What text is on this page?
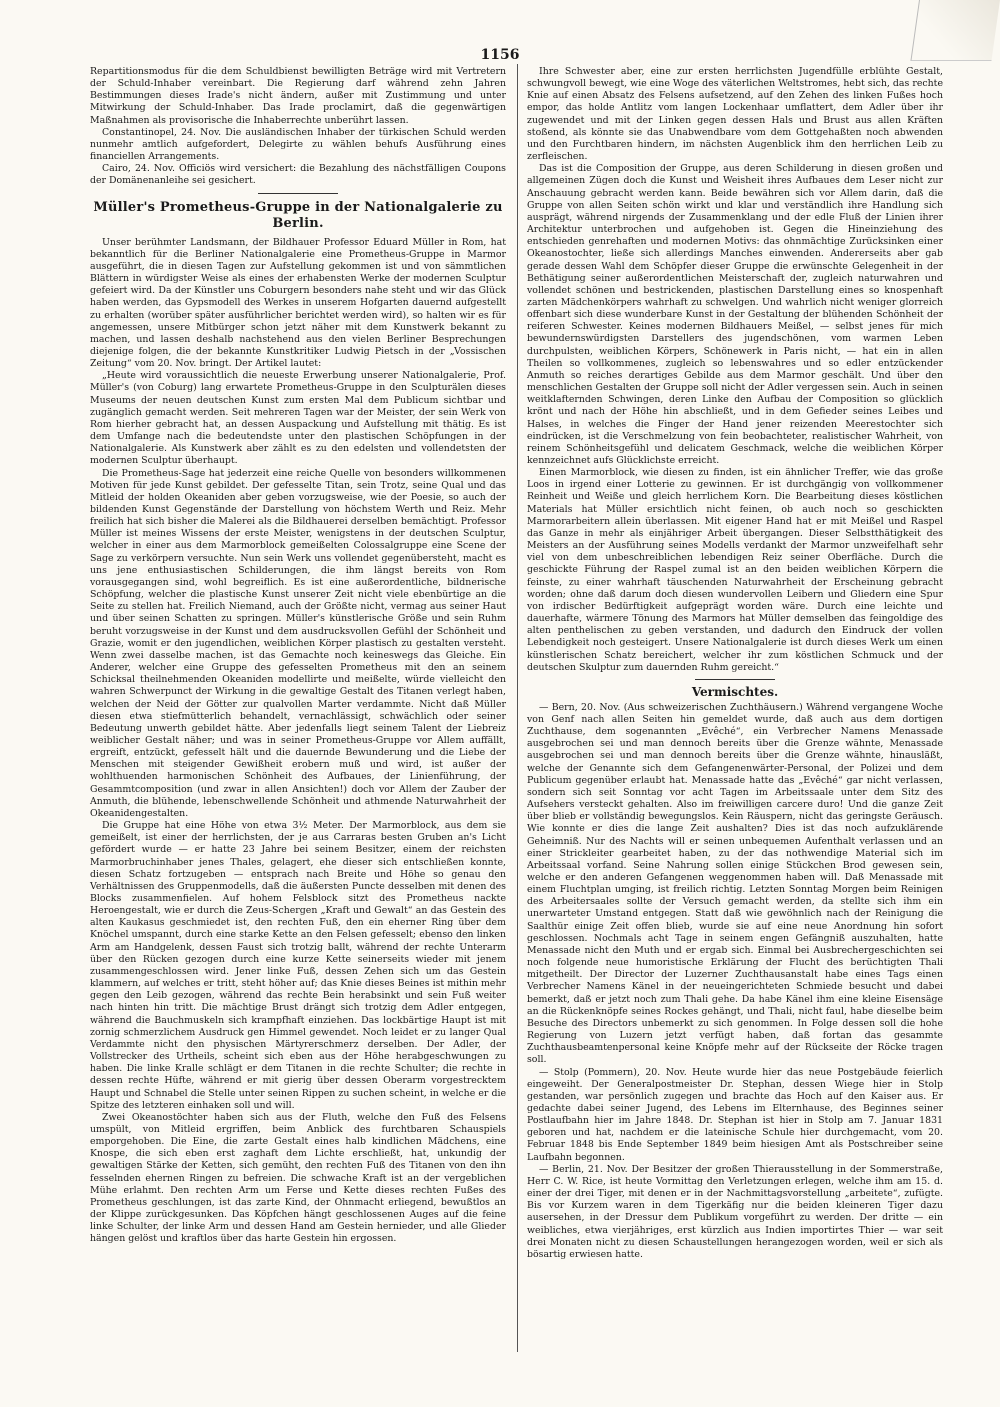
1156

Repartitionsmodus für die dem Schuldbienst bewilligten Beträge wird mit Vertretern der Schuld-Inhaber vereinbart. Die Regierung darf während zehn Jahren Bestimmungen dieses Irade's nicht ändern, außer mit Zustimmung und unter Mitwirkung der Schuld-Inhaber. Das Irade proclamirt, daß die gegenwärtigen Maßnahmen als provisorische die Inhaberrechte unberührt lassen.

Constantinopel, 24. Nov. Die ausländischen Inhaber der türkischen Schuld werden nunmehr amtlich aufgefordert, Delegirte zu wählen behufs Ausführung eines financiellen Arrangements.

Cairo, 24. Nov. Officiös wird versichert: die Bezahlung des nächstfälligen Coupons der Domänenanleihe sei gesichert.

Müller's Prometheus-Gruppe in der Nationalgalerie zu Berlin.

Unser berühmter Landsmann, der Bildhauer Professor Eduard Müller in Rom, hat bekanntlich für die Berliner Nationalgalerie eine Prometheus-Gruppe in Marmor ausgeführt, die in diesen Tagen zur Aufstellung gekommen ist und von sämmtlichen Blättern in würdigster Weise als eines der erhabensten Werke der modernen Sculptur gefeiert wird. Da der Künstler uns Coburgern besonders nahe steht und wir das Glück haben werden, das Gypsmodell des Werkes in unserem Hofgarten dauernd aufgestellt zu erhalten (worüber später ausführlicher berichtet werden wird), so halten wir es für angemessen, unsere Mitbürger schon jetzt näher mit dem Kunstwerk bekannt zu machen, und lassen deshalb nachstehend aus den vielen Berliner Besprechungen diejenige folgen, die der bekannte Kunstkritiker Ludwig Pietsch in der „Vossischen Zeitung“ vom 20. Nov. bringt. Der Artikel lautet:

„Heute wird voraussichtlich die neueste Erwerbung unserer Nationalgalerie, Prof. Müller's (von Coburg) lang erwartete Prometheus-Gruppe in den Sculpturälen dieses Museums der neuen deutschen Kunst zum ersten Mal dem Publicum sichtbar und zugänglich gemacht werden. Seit mehreren Tagen war der Meister, der sein Werk von Rom hierher gebracht hat, an dessen Auspackung und Aufstellung mit thätig. Es ist dem Umfange nach die bedeutendste unter den plastischen Schöpfungen in der Nationalgalerie. Als Kunstwerk aber zählt es zu den edelsten und vollendetsten der modernen Sculptur überhaupt.

Die Prometheus-Sage hat jederzeit eine reiche Quelle von besonders willkommenen Motiven für jede Kunst gebildet. Der gefesselte Titan, sein Trotz, seine Qual und das Mitleid der holden Okeaniden aber geben vorzugsweise, wie der Poesie, so auch der bildenden Kunst Gegenstände der Darstellung von höchstem Werth und Reiz. Mehr freilich hat sich bisher die Malerei als die Bildhauerei derselben bemächtigt. Professor Müller ist meines Wissens der erste Meister, wenigstens in der deutschen Sculptur, welcher in einer aus dem Marmorblock gemeißelten Colossalgruppe eine Scene der Sage zu verkörpern versuchte. Nun sein Werk uns vollendet gegenübersteht, macht es uns jene enthusiastischen Schilderungen, die ihm längst bereits von Rom vorausgegangen sind, wohl begreiflich. Es ist eine außerordentliche, bildnerische Schöpfung, welcher die plastische Kunst unserer Zeit nicht viele ebenbürtige an die Seite zu stellen hat. Freilich Niemand, auch der Größte nicht, vermag aus seiner Haut und über seinen Schatten zu springen. Müller's künstlerische Größe und sein Ruhm beruht vorzugsweise in der Kunst und dem ausdrucksvollen Gefühl der Schönheit und Grazie, womit er den jugendlichen, weiblichen Körper plastisch zu gestalten versteht. Wenn zwei dasselbe machen, ist das Gemachte noch keineswegs das Gleiche. Ein Anderer, welcher eine Gruppe des gefesselten Prometheus mit den an seinem Schicksal theilnehmenden Okeaniden modellirte und meißelte, würde vielleicht den wahren Schwerpunct der Wirkung in die gewaltige Gestalt des Titanen verlegt haben, welchen der Neid der Götter zur qualvollen Marter verdammte. Nicht daß Müller diesen etwa stiefmütterlich behandelt, vernachlässigt, schwächlich oder seiner Bedeutung unwerth gebildet hätte. Aber jedenfalls liegt seinem Talent der Liebreiz weiblicher Gestalt näher; und was in seiner Prometheus-Gruppe vor Allem auffällt, ergreift, entzückt, gefesselt hält und die dauernde Bewunderung und die Liebe der Menschen mit steigender Gewißheit erobern muß und wird, ist außer der wohlthuenden harmonischen Schönheit des Aufbaues, der Linienführung, der Gesammtcomposition (und zwar in allen Ansichten!) doch vor Allem der Zauber der Anmuth, die blühende, lebenschwellende Schönheit und athmende Naturwahrheit der Okeanidengestalten.

Die Gruppe hat eine Höhe von etwa 3½ Meter. Der Marmorblock, aus dem sie gemeißelt, ist einer der herrlichsten, der je aus Carraras besten Gruben an's Licht gefördert wurde — er hatte 23 Jahre bei seinem Besitzer, einem der reichsten Marmorbruchinhaber jenes Thales, gelagert, ehe dieser sich entschließen konnte, diesen Schatz fortzugeben — entsprach nach Breite und Höhe so genau den Verhältnissen des Gruppenmodells, daß die äußersten Puncte desselben mit denen des Blocks zusammenfielen. Auf hohem Felsblock sitzt des Prometheus nackte Heroengestalt, wie er durch die Zeus-Schergen „Kraft und Gewalt“ an das Gestein des alten Kaukasus geschmiedet ist, den rechten Fuß, den ein eherner Ring über dem Knöchel umspannt, durch eine starke Kette an den Felsen gefesselt; ebenso den linken Arm am Handgelenk, dessen Faust sich trotzig ballt, während der rechte Unterarm über den Rücken gezogen durch eine kurze Kette seinerseits wieder mit jenem zusammengeschlossen wird. Jener linke Fuß, dessen Zehen sich um das Gestein klammern, auf welches er tritt, steht höher auf; das Knie dieses Beines ist mithin mehr gegen den Leib gezogen, während das rechte Bein herabsinkt und sein Fuß weiter nach hinten hin tritt. Die mächtige Brust drängt sich trotzig dem Adler entgegen, während die Bauchmuskeln sich krampfhaft einziehen. Das lockbärtige Haupt ist mit zornig schmerzlichem Ausdruck gen Himmel gewendet. Noch leidet er zu langer Qual Verdammte nicht den physischen Märtyrerschmerz derselben. Der Adler, der Vollstrecker des Urtheils, scheint sich eben aus der Höhe herabgeschwungen zu haben. Die linke Kralle schlägt er dem Titanen in die rechte Schulter; die rechte in dessen rechte Hüfte, während er mit gierig über dessen Oberarm vorgestrecktem Haupt und Schnabel die Stelle unter seinen Rippen zu suchen scheint, in welche er die Spitze des letzteren einhaken soll und will.

Zwei Okeanostöchter haben sich aus der Fluth, welche den Fuß des Felsens umspült, von Mitleid ergriffen, beim Anblick des furchtbaren Schauspiels emporgehoben. Die Eine, die zarte Gestalt eines halb kindlichen Mädchens, eine Knospe, die sich eben erst zaghaft dem Lichte erschließt, hat, unkundig der gewaltigen Stärke der Ketten, sich gemüht, den rechten Fuß des Titanen von den ihn fesselnden ehernen Ringen zu befreien. Die schwache Kraft ist an der vergeblichen Mühe erlahmt. Den rechten Arm um Ferse und Kette dieses rechten Fußes des Prometheus geschlungen, ist das zarte Kind, der Ohnmacht erliegend, bewußtlos an der Klippe zurückgesunken. Das Köpfchen hängt geschlossenen Auges auf die feine linke Schulter, der linke Arm und dessen Hand am Gestein hernieder, und alle Glieder hängen gelöst und kraftlos über das harte Gestein hin ergossen.

Ihre Schwester aber, eine zur ersten herrlichsten Jugendfülle erblühte Gestalt, schwungvoll bewegt, wie eine Woge des väterlichen Weltstromes, hebt sich, das rechte Knie auf einen Absatz des Felsens aufsetzend, auf den Zehen des linken Fußes hoch empor, das holde Antlitz vom langen Lockenhaar umflattert, dem Adler über ihr zugewendet und mit der Linken gegen dessen Hals und Brust aus allen Kräften stoßend, als könnte sie das Unabwendbare vom dem Gottgehaßten noch abwenden und den Furchtbaren hindern, im nächsten Augenblick ihm den herrlichen Leib zu zerfleischen.

Das ist die Composition der Gruppe, aus deren Schilderung in diesen großen und allgemeinen Zügen doch die Kunst und Weisheit ihres Aufbaues dem Leser nicht zur Anschauung gebracht werden kann. Beide bewähren sich vor Allem darin, daß die Gruppe von allen Seiten schön wirkt und klar und verständlich ihre Handlung sich ausprägt, während nirgends der Zusammenklang und der edle Fluß der Linien ihrer Architektur unterbrochen und aufgehoben ist. Gegen die Hineinziehung des entschieden genrehaften und modernen Motivs: das ohnmächtige Zurücksinken einer Okeanostochter, ließe sich allerdings Manches einwenden. Andererseits aber gab gerade dessen Wahl dem Schöpfer dieser Gruppe die erwünschte Gelegenheit in der Bethätigung seiner außerordentlichen Meisterschaft der, zugleich naturwahren und vollendet schönen und bestrickenden, plastischen Darstellung eines so knospenhaft zarten Mädchenkörpers wahrhaft zu schwelgen. Und wahrlich nicht weniger glorreich offenbart sich diese wunderbare Kunst in der Gestaltung der blühenden Schönheit der reiferen Schwester. Keines modernen Bildhauers Meißel, — selbst jenes für mich bewundernswürdigsten Darstellers des jugendschönen, vom warmen Leben durchpulsten, weiblichen Körpers, Schönewerk in Paris nicht, — hat ein in allen Theilen so vollkommenes, zugleich so lebenswahres und so edler entzückender Anmuth so reiches derartiges Gebilde aus dem Marmor geschält. Und über den menschlichen Gestalten der Gruppe soll nicht der Adler vergessen sein. Auch in seinen weitklafternden Schwingen, deren Linke den Aufbau der Composition so glücklich krönt und nach der Höhe hin abschließt, und in dem Gefieder seines Leibes und Halses, in welches die Finger der Hand jener reizenden Meerestochter sich eindrücken, ist die Verschmelzung von fein beobachteter, realistischer Wahrheit, von reinem Schönheitsgefühl und delicatem Geschmack, welche die weiblichen Körper kennzeichnet aufs Glücklichste erreicht.

Einen Marmorblock, wie diesen zu finden, ist ein ähnlicher Treffer, wie das große Loos in irgend einer Lotterie zu gewinnen. Er ist durchgängig von vollkommener Reinheit und Weiße und gleich herrlichem Korn. Die Bearbeitung dieses köstlichen Materials hat Müller ersichtlich nicht feinen, ob auch noch so geschickten Marmorarbeitern allein überlassen. Mit eigener Hand hat er mit Meißel und Raspel das Ganze in mehr als einjähriger Arbeit übergangen. Dieser Selbstthätigkeit des Meisters an der Ausführung seines Modells verdankt der Marmor unzweifelhaft sehr viel von dem unbeschreiblichen lebendigen Reiz seiner Oberfläche. Durch die geschickte Führung der Raspel zumal ist an den beiden weiblichen Körpern die feinste, zu einer wahrhaft täuschenden Naturwahrheit der Erscheinung gebracht worden; ohne daß darum doch diesen wundervollen Leibern und Gliedern eine Spur von irdischer Bedürftigkeit aufgeprägt worden wäre. Durch eine leichte und dauerhafte, wärmere Tönung des Marmors hat Müller demselben das feingoldige des alten penthelischen zu geben verstanden, und dadurch den Eindruck der vollen Lebendigkeit noch gesteigert. Unsere Nationalgalerie ist durch dieses Werk um einen künstlerischen Schatz bereichert, welcher ihr zum köstlichen Schmuck und der deutschen Skulptur zum dauernden Ruhm gereicht.“

Vermischtes.

— Bern, 20. Nov. (Aus schweizerischen Zuchthäusern.) Während vergangene Woche von Genf nach allen Seiten hin gemeldet wurde, daß auch aus dem dortigen Zuchthause, dem sogenannten „Evêché“, ein Verbrecher Namens Menassade ausgebrochen sei und man dennoch bereits über die Grenze wähnte, Menassade ausgebrochen sei und man dennoch bereits über die Grenze wähnte, hinausläßt, welche der Genannte sich dem Gefangenenwärter-Personal, der Polizei und dem Publicum gegenüber erlaubt hat. Menassade hatte das „Evêché“ gar nicht verlassen, sondern sich seit Sonntag vor acht Tagen im Arbeitssaale unter dem Sitz des Aufsehers versteckt gehalten. Also im freiwilligen carcere duro! Und die ganze Zeit über blieb er vollständig bewegungslos. Kein Räuspern, nicht das geringste Geräusch. Wie konnte er dies die lange Zeit aushalten? Dies ist das noch aufzuklärende Geheimniß. Nur des Nachts will er seinen unbequemen Aufenthalt verlassen und an einer Strickleiter gearbeitet haben, zu der das nothwendige Material sich im Arbeitssaal vorfand. Seine Nahrung sollen einige Stückchen Brod gewesen sein, welche er den anderen Gefangenen weggenommen haben will. Daß Menassade mit einem Fluchtplan umging, ist freilich richtig. Letzten Sonntag Morgen beim Reinigen des Arbeitersaales sollte der Versuch gemacht werden, da stellte sich ihm ein unerwarteter Umstand entgegen. Statt daß wie gewöhnlich nach der Reinigung die Saalthür einige Zeit offen blieb, wurde sie auf eine neue Anordnung hin sofort geschlossen. Nochmals acht Tage in seinem engen Gefängniß auszuhalten, hatte Menassade nicht den Muth und er ergab sich. Einmal bei Ausbrechergeschichten sei noch folgende neue humoristische Erklärung der Flucht des berüchtigten Thali mitgetheilt. Der Director der Luzerner Zuchthausanstalt habe eines Tags einen Verbrecher Namens Känel in der neueingerichteten Schmiede besucht und dabei bemerkt, daß er jetzt noch zum Thali gehe. Da habe Känel ihm eine kleine Eisensäge an die Rückenknöpfe seines Rockes gehängt, und Thali, nicht faul, habe dieselbe beim Besuche des Directors unbemerkt zu sich genommen. In Folge dessen soll die hohe Regierung von Luzern jetzt verfügt haben, daß fortan das gesammte Zuchthausbeamtenpersonal keine Knöpfe mehr auf der Rückseite der Röcke tragen soll.

— Stolp (Pommern), 20. Nov. Heute wurde hier das neue Postgebäude feierlich eingeweiht. Der Generalpostmeister Dr. Stephan, dessen Wiege hier in Stolp gestanden, war persönlich zugegen und brachte das Hoch auf den Kaiser aus. Er gedachte dabei seiner Jugend, des Lebens im Elternhause, des Beginnes seiner Postlaufbahn hier im Jahre 1848. Dr. Stephan ist hier in Stolp am 7. Januar 1831 geboren und hat, nachdem er die lateinische Schule hier durchgemacht, vom 20. Februar 1848 bis Ende September 1849 beim hiesigen Amt als Postschreiber seine Laufbahn begonnen.

— Berlin, 21. Nov. Der Besitzer der großen Thierausstellung in der Sommerstraße, Herr C. W. Rice, ist heute Vormittag den Verletzungen erlegen, welche ihm am 15. d. einer der drei Tiger, mit denen er in der Nachmittagsvorstellung „arbeitete“, zufügte. Bis vor Kurzem waren in dem Tigerkäfig nur die beiden kleineren Tiger dazu ausersehen, in der Dressur dem Publikum vorgeführt zu werden. Der dritte — ein weibliches, etwa vierjähriges, erst kürzlich aus Indien importirtes Thier — war seit drei Monaten nicht zu diesen Schaustellungen herangezogen worden, weil er sich als bösartig erwiesen hatte.
